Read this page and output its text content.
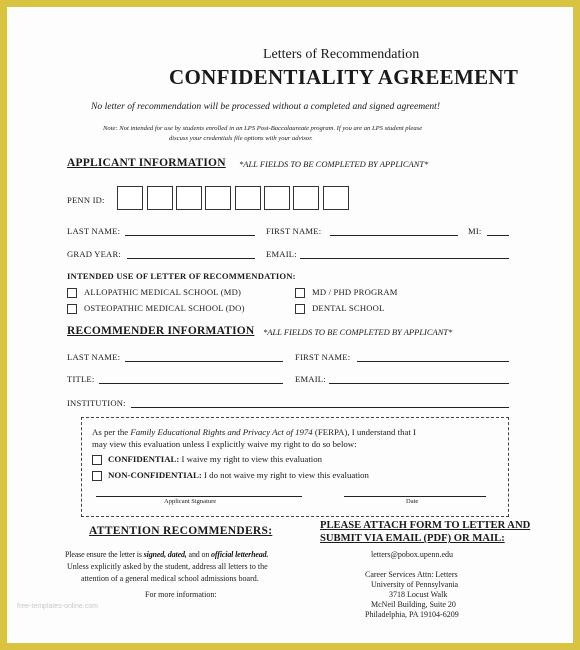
Letters of Recommendation
CONFIDENTIALITY AGREEMENT
No letter of recommendation will be processed without a completed and signed agreement!
Note: Not intended for use by students enrolled in an LPS Post-Baccalaureate program. If you are an LPS student please
discuss your credentials file options with your advisor.
APPLICANT INFORMATION *ALL FIELDS TO BE COMPLETED BY APPLICANT*
PENN ID:
LAST NAME:	FIRST NAME:	MI:
GRAD YEAR:	EMAIL:
INTENDED USE OF LETTER OF RECOMMENDATION:
ALLOPATHIC MEDICAL SCHOOL (MD)	MD / PHD PROGRAM
OSTEOPATHIC MEDICAL SCHOOL (DO)	DENTAL SCHOOL
RECOMMENDER INFORMATION *ALL FIELDS TO BE COMPLETED BY APPLICANT*
LAST NAME:	FIRST NAME:
TITLE:	EMAIL:
INSTITUTION:
As per the Family Educational Rights and Privacy Act of 1974 (FERPA), I understand that I
may view this evaluation unless I explicitly waive my right to do so below:
CONFIDENTIAL: I waive my right to view this evaluation
NON-CONFIDENTIAL: I do not waive my right to view this evaluation
Applicant Signature	Date
ATTENTION RECOMMENDERS:
Please ensure the letter is signed, dated, and on official letterhead.
Unless explicitly asked by the student, address all letters to the
attention of a general medical school admissions board.
For more information:
PLEASE ATTACH FORM TO LETTER AND
SUBMIT VIA EMAIL (PDF) OR MAIL:
letters@pobox.upenn.edu
Career Services Attn: Letters
University of Pennsylvania
3718 Locust Walk
McNeil Building, Suite 20
Philadelphia, PA 19104-6209
free-templates-online.com
